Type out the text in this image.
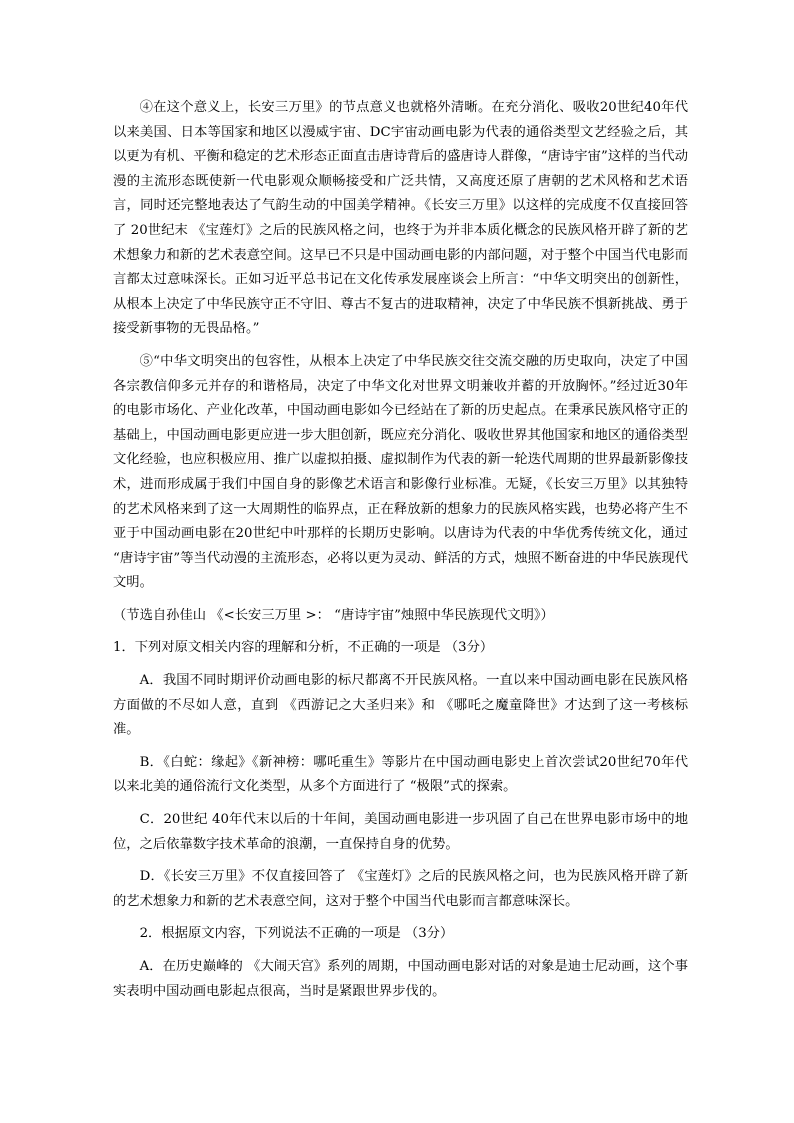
④在这个意义上，长安三万里》的节点意义也就格外清晰。在充分消化、吸收20世纪40年代以来美国、日本等国家和地区以漫威宇宙、DC宇宙动画电影为代表的通俗类型文艺经验之后，其以更为有机、平衡和稳定的艺术形态正面直击唐诗背后的盛唐诗人群像，“唐诗宇宙”这样的当代动漫的主流形态既使新一代电影观众顺畅接受和广泛共情，又高度还原了唐朝的艺术风格和艺术语言，同时还完整地表达了气韵生动的中国美学精神。《长安三万里》以这样的完成度不仅直接回答了 20世纪末 《宝莲灯》之后的民族风格之问，也终于为并非本质化概念的民族风格开辟了新的艺术想象力和新的艺术表意空间。这早已不只是中国动画电影的内部问题，对于整个中国当代电影而言都太过意味深长。正如习近平总书记在文化传承发展座谈会上所言：“中华文明突出的创新性，从根本上决定了中华民族守正不守旧、尊古不复古的进取精神，决定了中华民族不惧新挑战、勇于接受新事物的无畏品格。”

⑤“中华文明突出的包容性，从根本上决定了中华民族交往交流交融的历史取向，决定了中国各宗教信仰多元并存的和谐格局，决定了中华文化对世界文明兼收并蓄的开放胸怀。”经过近30年的电影市场化、产业化改革，中国动画电影如今已经站在了新的历史起点。在秉承民族风格守正的基础上，中国动画电影更应进一步大胆创新，既应充分消化、吸收世界其他国家和地区的通俗类型文化经验，也应积极应用、推广以虚拟拍摄、虚拟制作为代表的新一轮迭代周期的世界最新影像技术，进而形成属于我们中国自身的影像艺术语言和影像行业标准。无疑，《长安三万里》以其独特的艺术风格来到了这一大周期性的临界点，正在释放新的想象力的民族风格实践，也势必将产生不亚于中国动画电影在20世纪中叶那样的长期历史影响。以唐诗为代表的中华优秀传统文化，通过 “唐诗宇宙”等当代动漫的主流形态，必将以更为灵动、鲜活的方式，烛照不断奋进的中华民族现代文明。

（节选自孙佳山 《<长安三万里 >： “唐诗宇宙”烛照中华民族现代文明》）

1．下列对原文相关内容的理解和分析，不正确的一项是 （3分）

A．我国不同时期评价动画电影的标尺都离不开民族风格。一直以来中国动画电影在民族风格方面做的不尽如人意，直到 《西游记之大圣归来》和 《哪吒之魔童降世》才达到了这一考核标准。

B．《白蛇：缘起》《新神榜：哪吒重生》等影片在中国动画电影史上首次尝试20世纪70年代以来北美的通俗流行文化类型，从多个方面进行了 “极限”式的探索。

C．20世纪 40年代末以后的十年间，美国动画电影进一步巩固了自己在世界电影市场中的地位，之后依靠数字技术革命的浪潮，一直保持自身的优势。

D．《长安三万里》不仅直接回答了 《宝莲灯》之后的民族风格之问，也为民族风格开辟了新的艺术想象力和新的艺术表意空间，这对于整个中国当代电影而言都意味深长。

2．根据原文内容，下列说法不正确的一项是 （3分）

A．在历史巅峰的 《大闹天宫》系列的周期，中国动画电影对话的对象是迪士尼动画，这个事实表明中国动画电影起点很高，当时是紧跟世界步伐的。
